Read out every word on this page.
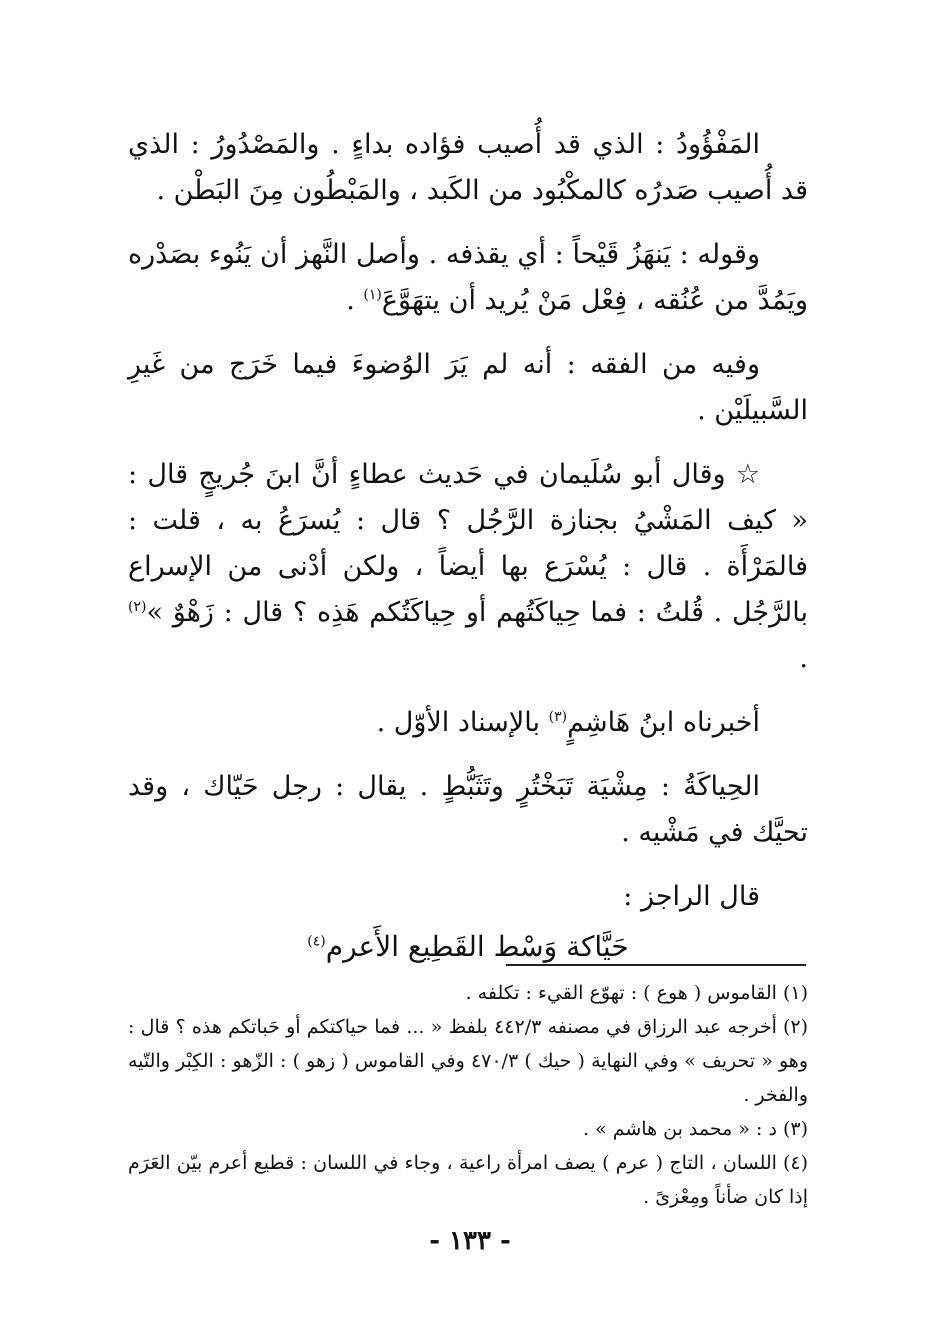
المَفْؤُودُ : الذي قد أُصيب فؤاده بداءٍ . والمَصْدُورُ : الذي قد أُصيب صَدرُه كالمكْبُود من الكَبد ، والمَبْطُون مِنَ البَطْن .

وقوله : يَنهَزُ قَيْحاً : أي يقذفه . وأصل النَّهز أن يَنُوء بصَدْره ويَمُدَّ من عُنُقه ، فِعْل مَنْ يُريد أن يتهَوَّعَ$^{(١)}$ .

وفيه من الفقه : أنه لم يَرَ الوُضوءَ فيما خَرَج من غَيرِ السَّبيلَيْن .

☆ وقال أبو سُلَيمان في حَديث عطاءٍ أنَّ ابنَ جُريجٍ قال : « كيف المَشْيُ بجنازة الرَّجُل ؟ قال : يُسرَعُ به ، قلت : فالمَرْأَة . قال : يُسْرَع بها أيضاً ، ولكن أدْنى من الإسراع بالرَّجُل . قُلتُ : فما حِياكَتُهم أو حِياكَتُكم هَذِه ؟ قال : زَهْوٌ »$^{(٢)}$ .

أخبرناه ابنُ هَاشِمٍ$^{(٣)}$ بالإسناد الأوّل .

الحِياكَةُ : مِشْيَة تَبَخْتُرٍ وتَثَبُّطٍ . يقال : رجل حَيّاك ، وقد تحيَّك في مَشْيه .

قال الراجز :

حَيَّاكة وَسْط القَطِيع الأَعرم$^{(٤)}$

(١)القاموس ( هوع ) : تهوّع القيء : تكلفه .

(٢)أخرجه عبد الرزاق في مصنفه ٤٤٢/٣ بلفظ « ... فما حياكتكم أو حَباتكم هذه ؟ قال : وهو « تحريف » وفي النهاية ( حيك ) ٤٧٠/٣ وفي القاموس ( زهو ) : الزّهو : الكِبْر والتّيه والفخر .

(٣)د : « محمد بن هاشم » .

(٤)اللسان ، التاج ( عرم ) يصف امرأة راعية ، وجاء في اللسان : قطيع أعرم بيّن العَرَم إذا كان ضأناً ومِعْزىً .

- ١٣٣ -
